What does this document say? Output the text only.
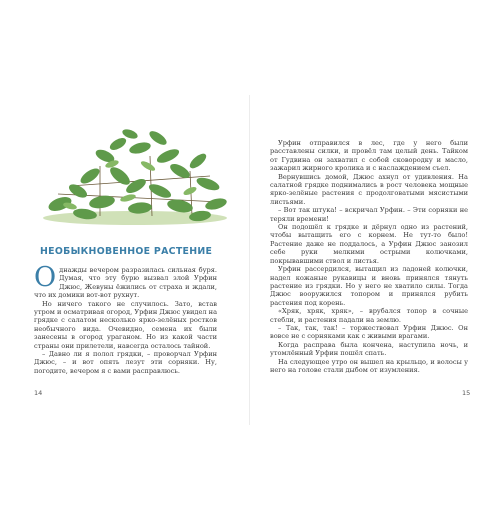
НЕОБЫКНОВЕННОЕ РАСТЕНИЕ

Однажды вечером разразилась сильная буря. Думая, что эту бурю вызвал злой Урфин Джюс, Жевуны ёжились от страха и ждали, что их домики вот-вот рухнут.

Но ничего такого не случилось. Зато, встав утром и осматривая огород, Урфин Джюс увидел на грядке с салатом несколько ярко-зелёных ростков необычного вида. Очевидно, семена их были занесены в огород ураганом. Но из какой части страны они прилетели, навсегда осталось тайной.

– Давно ли я полол грядки, – проворчал Урфин Джюс, – и вот опять лезут эти сорняки. Ну, погодите, вечером я с вами расправлюсь.

14

Урфин отправился в лес, где у него были расставлены силки, и провёл там целый день. Тайком от Гудвина он захватил с собой сковородку и масло, зажарил жирного кролика и с наслаждением съел.

Вернувшись домой, Джюс ахнул от удивления. На салатной грядке поднимались в рост человека мощные ярко-зелёные растения с продолговатыми мясистыми листьями.

– Вот так штука! – вскричал Урфин. – Эти сорняки не теряли времени!

Он подошёл к грядке и дёрнул одно из растений, чтобы вытащить его с корнем. Не тут-то было! Растение даже не поддалось, а Урфин Джюс занозил себе руки мелкими острыми колючками, покрывавшими ствол и листья.

Урфин рассердился, вытащил из ладоней колючки, надел кожаные рукавицы и вновь принялся тянуть растение из грядки. Но у него не хватило силы. Тогда Джюс вооружился топором и принялся рубить растения под корень.

«Хряк, хряк, хряк», – врубался топор в сочные стебли, и растения падали на землю.

– Так, так, так! – торжествовал Урфин Джюс. Он вовсе не с сорняками как с живыми врагами.

Когда расправа была кончена, наступила ночь, и утомлённый Урфин пошёл спать.

На следующее утро он вышел на крыльцо, и волосы у него на голове стали дыбом от изумления.

15
